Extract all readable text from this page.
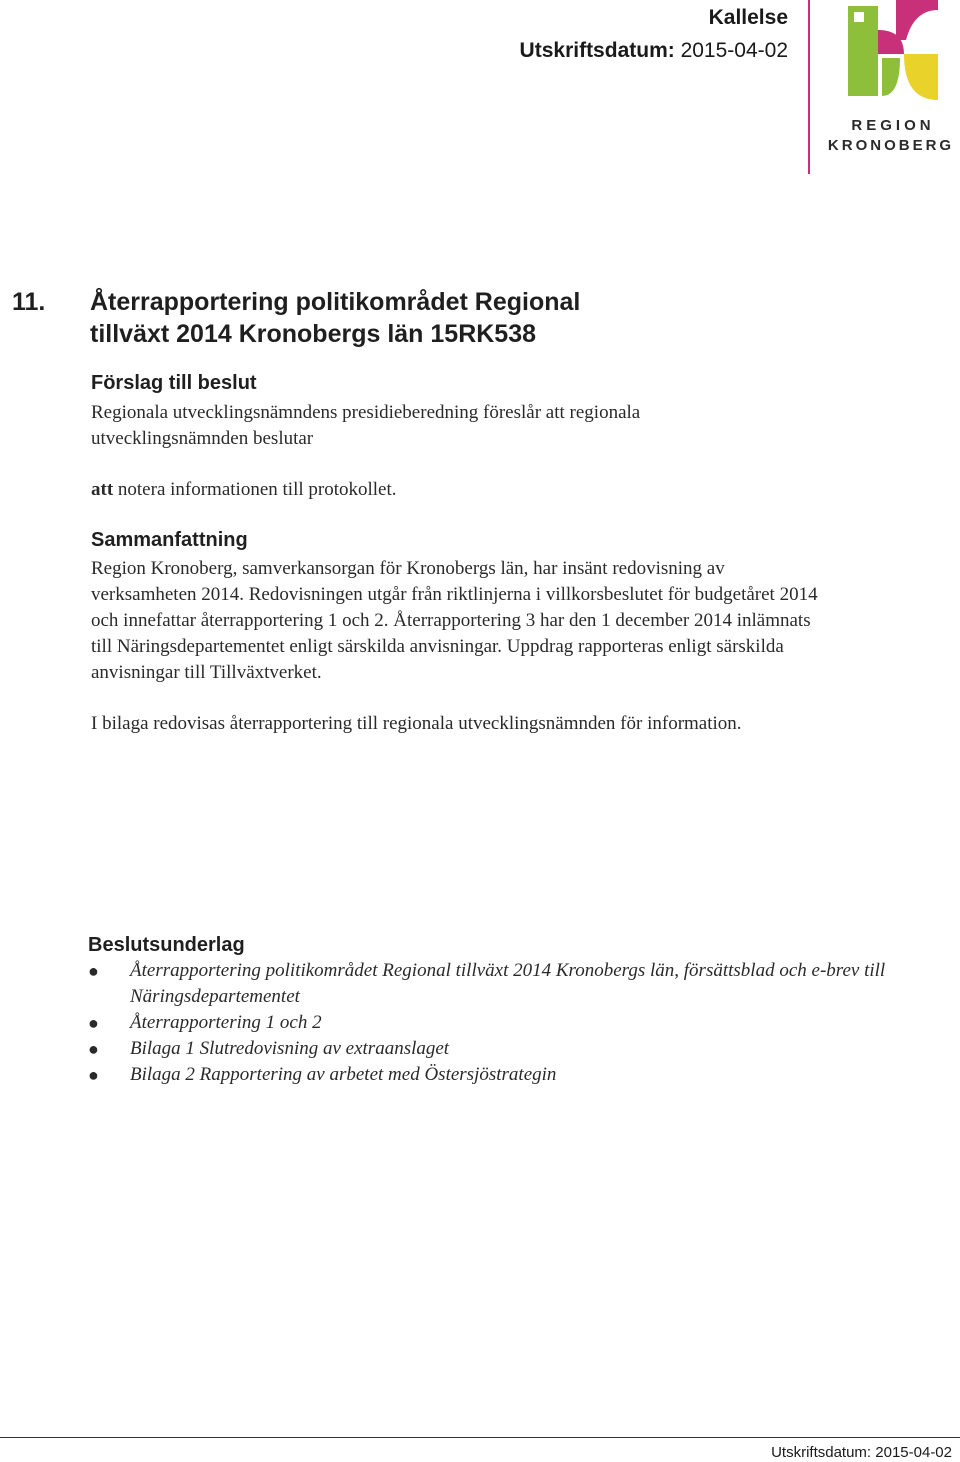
Kallelse
Utskriftsdatum: 2015-04-02
REGION
KRONOBERG
11. Återrapportering politikområdet Regional tillväxt 2014 Kronobergs län 15RK538
Förslag till beslut
Regionala utvecklingsnämndens presidieberedning föreslår att regionala utvecklingsnämnden beslutar
att notera informationen till protokollet.
Sammanfattning
Region Kronoberg, samverkansorgan för Kronobergs län, har insänt redovisning av verksamheten 2014. Redovisningen utgår från riktlinjerna i villkorsbeslutet för budgetåret 2014 och innefattar återrapportering 1 och 2. Återrapportering 3 har den 1 december 2014 inlämnats till Näringsdepartementet enligt särskilda anvisningar. Uppdrag rapporteras enligt särskilda anvisningar till Tillväxtverket.
I bilaga redovisas återrapportering till regionala utvecklingsnämnden för information.
Beslutsunderlag
● Återrapportering politikområdet Regional tillväxt 2014 Kronobergs län, försättsblad och e-brev till Näringsdepartementet
● Återrapportering 1 och 2
● Bilaga 1 Slutredovisning av extraanslaget
● Bilaga 2 Rapportering av arbetet med Östersjöstrategin
Utskriftsdatum: 2015-04-02
